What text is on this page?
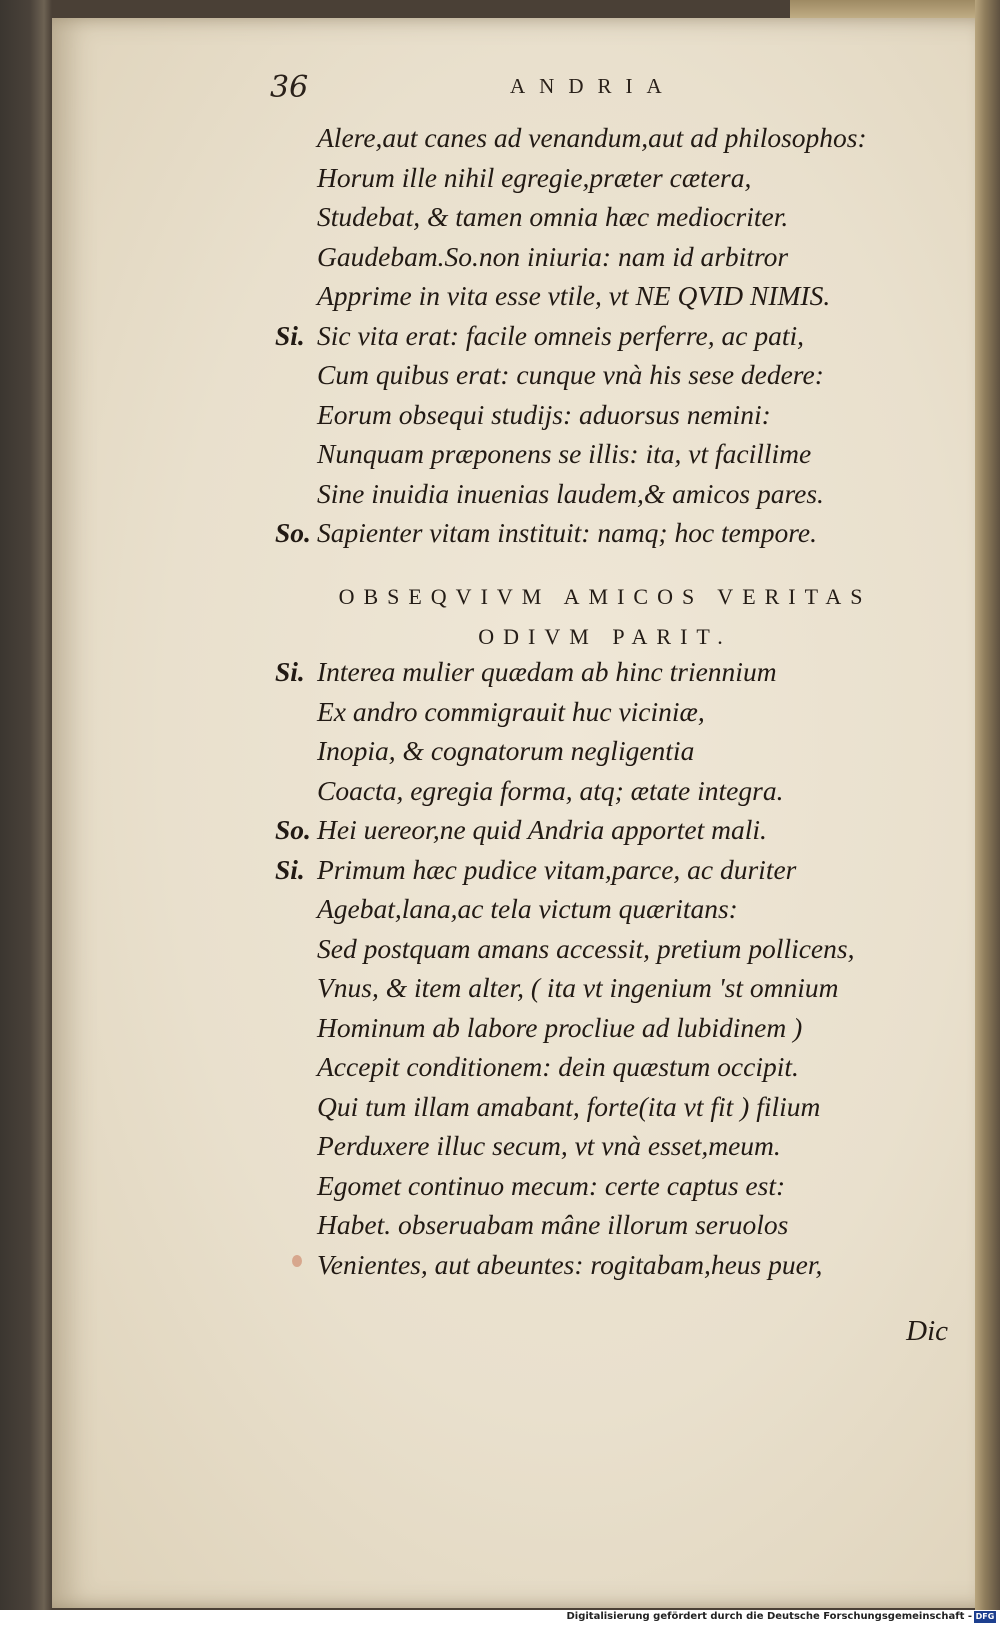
36	ANDRIA
Alere,aut canes ad venandum,aut ad philosophos:
Horum ille nihil egregie,præter cætera,
Studebat, & tamen omnia hæc mediocriter.
Gaudebam.So.non iniuria: nam id arbitror
Apprime in vita esse vtile, vt NE QVID NIMIS.
Si. Sic vita erat: facile omneis perferre, ac pati,
Cum quibus erat: cunque vnà his sese dedere:
Eorum obsequi studijs: aduorsus nemini:
Nunquam præponens se illis: ita, vt facillime
Sine inuidia inuenias laudem,& amicos pares.
So. Sapienter vitam instituit: namq; hoc tempore.
OBSEQVIVM AMICOS VERITAS
ODIVM PARIT.
Si. Interea mulier quædam ab hinc triennium
Ex andro commigrauit huc viciniæ,
Inopia, & cognatorum negligentia
Coacta, egregia forma, atq; ætate integra.
So. Hei uereor,ne quid Andria apportet mali.
Si. Primum hæc pudice vitam,parce, ac duriter
Agebat,lana,ac tela victum quæritans:
Sed postquam amans accessit, pretium pollicens,
Vnus, & item alter, ( ita vt ingenium 'st omnium
Hominum ab labore procliue ad lubidinem )
Accepit conditionem: dein quæstum occipit.
Qui tum illam amabant, forte(ita vt fit ) filium
Perduxere illuc secum, vt vnà esset,meum.
Egomet continuo mecum: certe captus est:
Habet. obseruabam mâne illorum seruolos
Venientes, aut abeuntes: rogitabam,heus puer,
Dic
Digitalisierung gefördert durch die Deutsche Forschungsgemeinschaft - DFG
